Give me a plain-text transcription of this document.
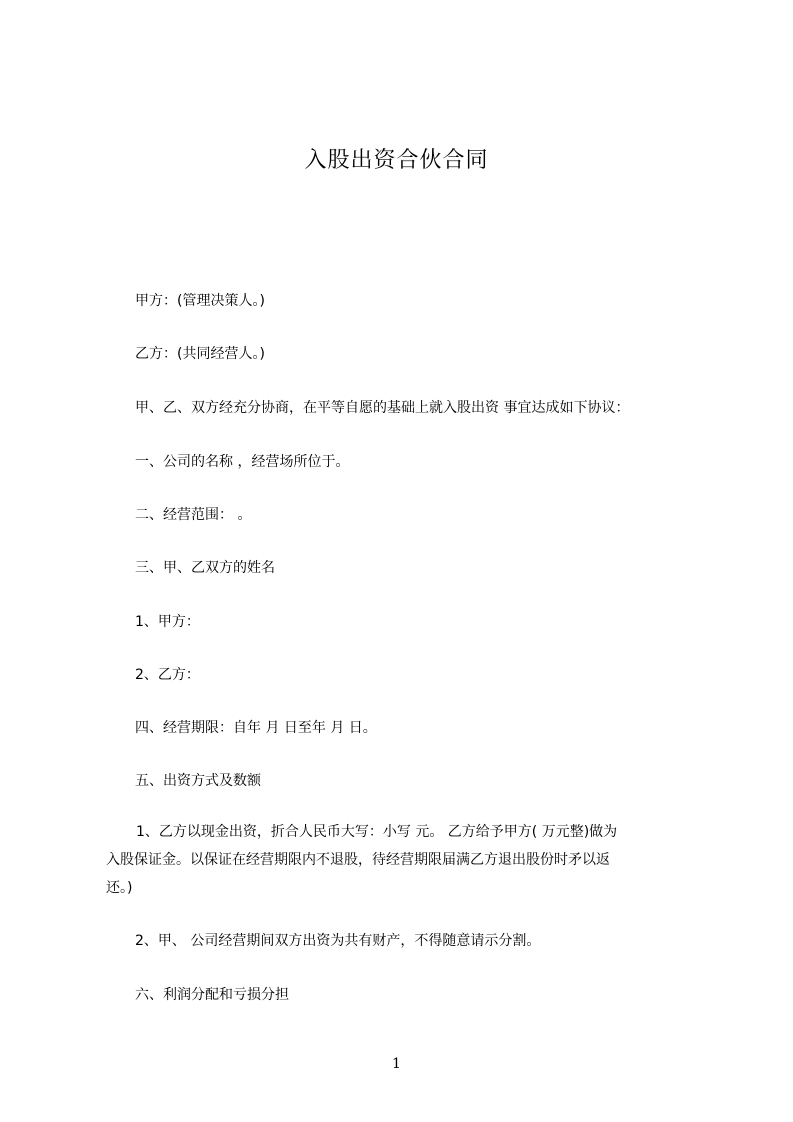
入股出资合伙合同
甲方：(管理决策人。)
乙方：(共同经营人。)
甲、乙、双方经充分协商，在平等自愿的基础上就入股出资 事宜达成如下协议：
一、公司的名称 ，经营场所位于。
二、经营范围： 。
三、甲、乙双方的姓名
1、甲方：
2、乙方：
四、经营期限：自年 月 日至年 月 日。
五、出资方式及数额
1、乙方以现金出资，折合人民币大写：小写 元。 乙方给予甲方( 万元整)做为
入股保证金。以保证在经营期限内不退股，待经营期限届满乙方退出股份时矛以返
还。)
2、甲、 公司经营期间双方出资为共有财产，不得随意请示分割。
六、利润分配和亏损分担
1
